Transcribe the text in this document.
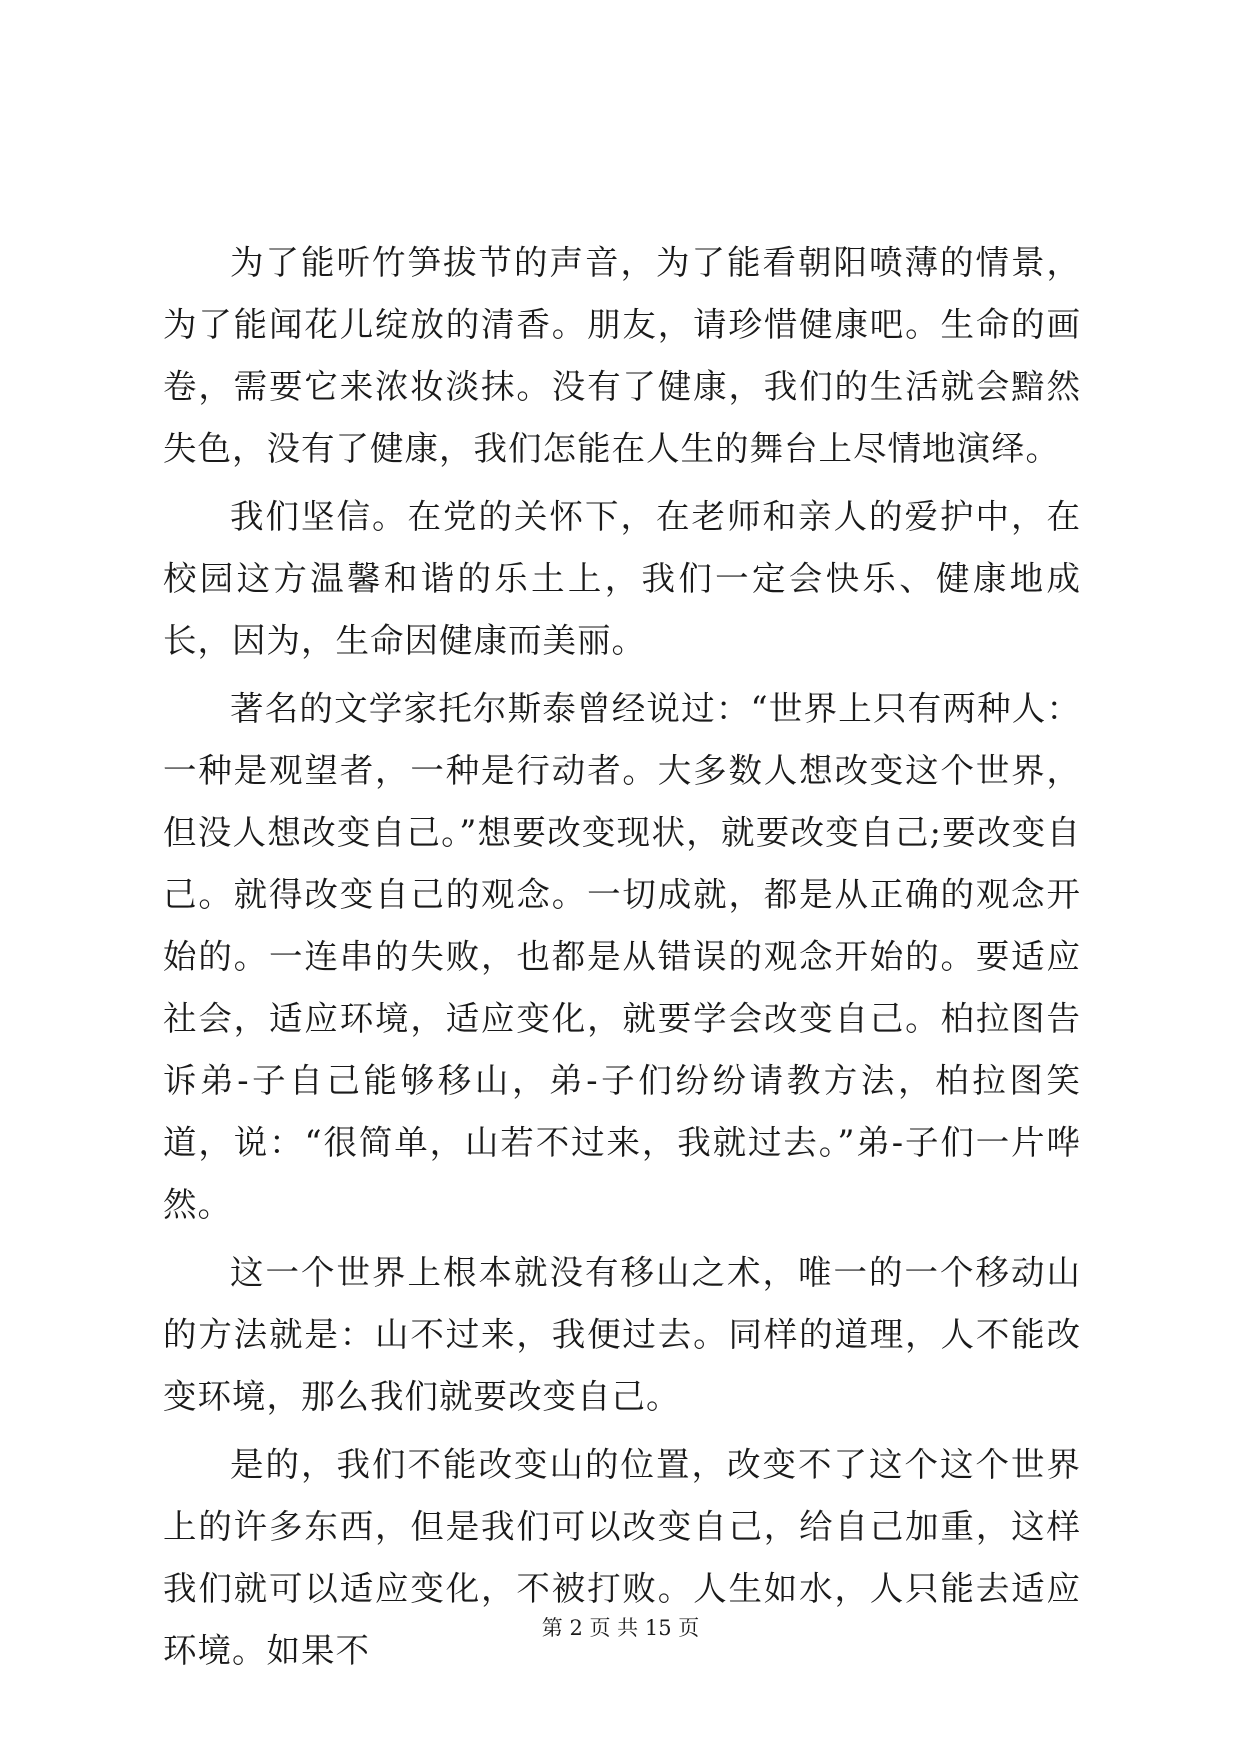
为了能听竹笋拔节的声音，为了能看朝阳喷薄的情景，为了能闻花儿绽放的清香。朋友，请珍惜健康吧。生命的画卷，需要它来浓妆淡抹。没有了健康，我们的生活就会黯然失色，没有了健康，我们怎能在人生的舞台上尽情地演绎。

我们坚信。在党的关怀下，在老师和亲人的爱护中，在校园这方温馨和谐的乐土上，我们一定会快乐、健康地成长，因为，生命因健康而美丽。

著名的文学家托尔斯泰曾经说过：“世界上只有两种人：一种是观望者，一种是行动者。大多数人想改变这个世界，但没人想改变自己。”想要改变现状，就要改变自己;要改变自己。就得改变自己的观念。一切成就，都是从正确的观念开始的。一连串的失败，也都是从错误的观念开始的。要适应社会，适应环境，适应变化，就要学会改变自己。柏拉图告诉弟-子自己能够移山，弟-子们纷纷请教方法，柏拉图笑道，说：“很简单，山若不过来，我就过去。”弟-子们一片哗然。

这一个世界上根本就没有移山之术，唯一的一个移动山的方法就是：山不过来，我便过去。同样的道理，人不能改变环境，那么我们就要改变自己。

是的，我们不能改变山的位置，改变不了这个这个世界上的许多东西，但是我们可以改变自己，给自己加重，这样我们就可以适应变化，不被打败。人生如水，人只能去适应环境。如果不

第 2 页 共 15 页
